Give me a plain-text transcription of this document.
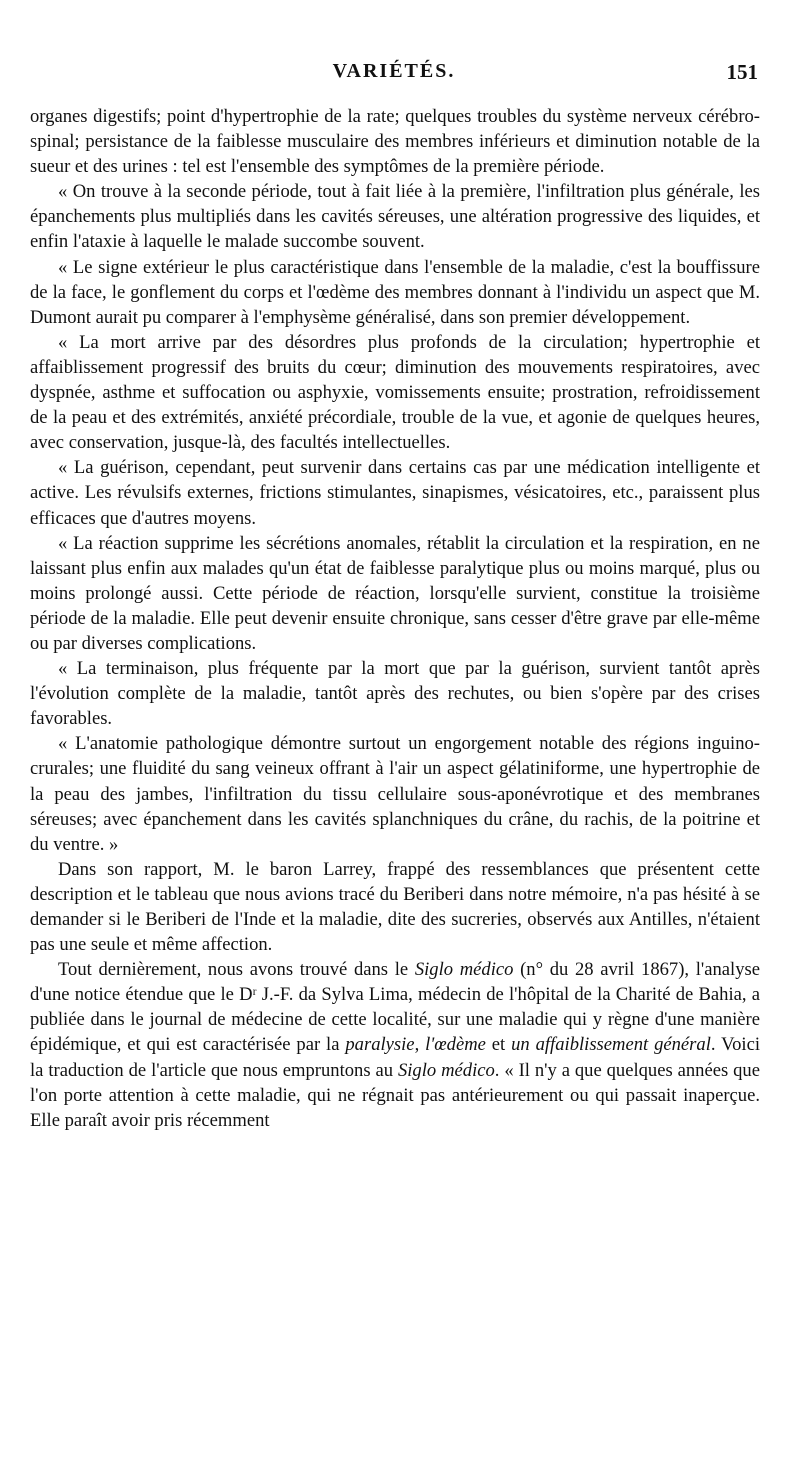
VARIÉTÉS.	151

organes digestifs; point d'hypertrophie de la rate; quelques troubles du système nerveux cérébro-spinal; persistance de la faiblesse musculaire des membres inférieurs et diminution notable de la sueur et des urines : tel est l'ensemble des symptômes de la première période.

« On trouve à la seconde période, tout à fait liée à la première, l'infiltration plus générale, les épanchements plus multipliés dans les cavités séreuses, une altération progressive des liquides, et enfin l'ataxie à laquelle le malade succombe souvent.

« Le signe extérieur le plus caractéristique dans l'ensemble de la maladie, c'est la bouffissure de la face, le gonflement du corps et l'œdème des membres donnant à l'individu un aspect que M. Dumont aurait pu comparer à l'emphysème généralisé, dans son premier développement.

« La mort arrive par des désordres plus profonds de la circulation; hypertrophie et affaiblissement progressif des bruits du cœur; diminution des mouvements respiratoires, avec dyspnée, asthme et suffocation ou asphyxie, vomissements ensuite; prostration, refroidissement de la peau et des extrémités, anxiété précordiale, trouble de la vue, et agonie de quelques heures, avec conservation, jusque-là, des facultés intellectuelles.

« La guérison, cependant, peut survenir dans certains cas par une médication intelligente et active. Les révulsifs externes, frictions stimulantes, sinapismes, vésicatoires, etc., paraissent plus efficaces que d'autres moyens.

« La réaction supprime les sécrétions anomales, rétablit la circulation et la respiration, en ne laissant plus enfin aux malades qu'un état de faiblesse paralytique plus ou moins marqué, plus ou moins prolongé aussi. Cette période de réaction, lorsqu'elle survient, constitue la troisième période de la maladie. Elle peut devenir ensuite chronique, sans cesser d'être grave par elle-même ou par diverses complications.

« La terminaison, plus fréquente par la mort que par la guérison, survient tantôt après l'évolution complète de la maladie, tantôt après des rechutes, ou bien s'opère par des crises favorables.

« L'anatomie pathologique démontre surtout un engorgement notable des régions inguino-crurales; une fluidité du sang veineux offrant à l'air un aspect gélatiniforme, une hypertrophie de la peau des jambes, l'infiltration du tissu cellulaire sous-aponévrotique et des membranes séreuses; avec épanchement dans les cavités splanchniques du crâne, du rachis, de la poitrine et du ventre. »

Dans son rapport, M. le baron Larrey, frappé des ressemblances que présentent cette description et le tableau que nous avions tracé du Beriberi dans notre mémoire, n'a pas hésité à se demander si le Beriberi de l'Inde et la maladie, dite des sucreries, observés aux Antilles, n'étaient pas une seule et même affection.

Tout dernièrement, nous avons trouvé dans le Siglo médico (n° du 28 avril 1867), l'analyse d'une notice étendue que le Dʳ J.-F. da Sylva Lima, médecin de l'hôpital de la Charité de Bahia, a publiée dans le journal de médecine de cette localité, sur une maladie qui y règne d'une manière épidémique, et qui est caractérisée par la paralysie, l'œdème et un affaiblissement général. Voici la traduction de l'article que nous empruntons au Siglo médico. « Il n'y a que quelques années que l'on porte attention à cette maladie, qui ne régnait pas antérieurement ou qui passait inaperçue. Elle paraît avoir pris récemment
